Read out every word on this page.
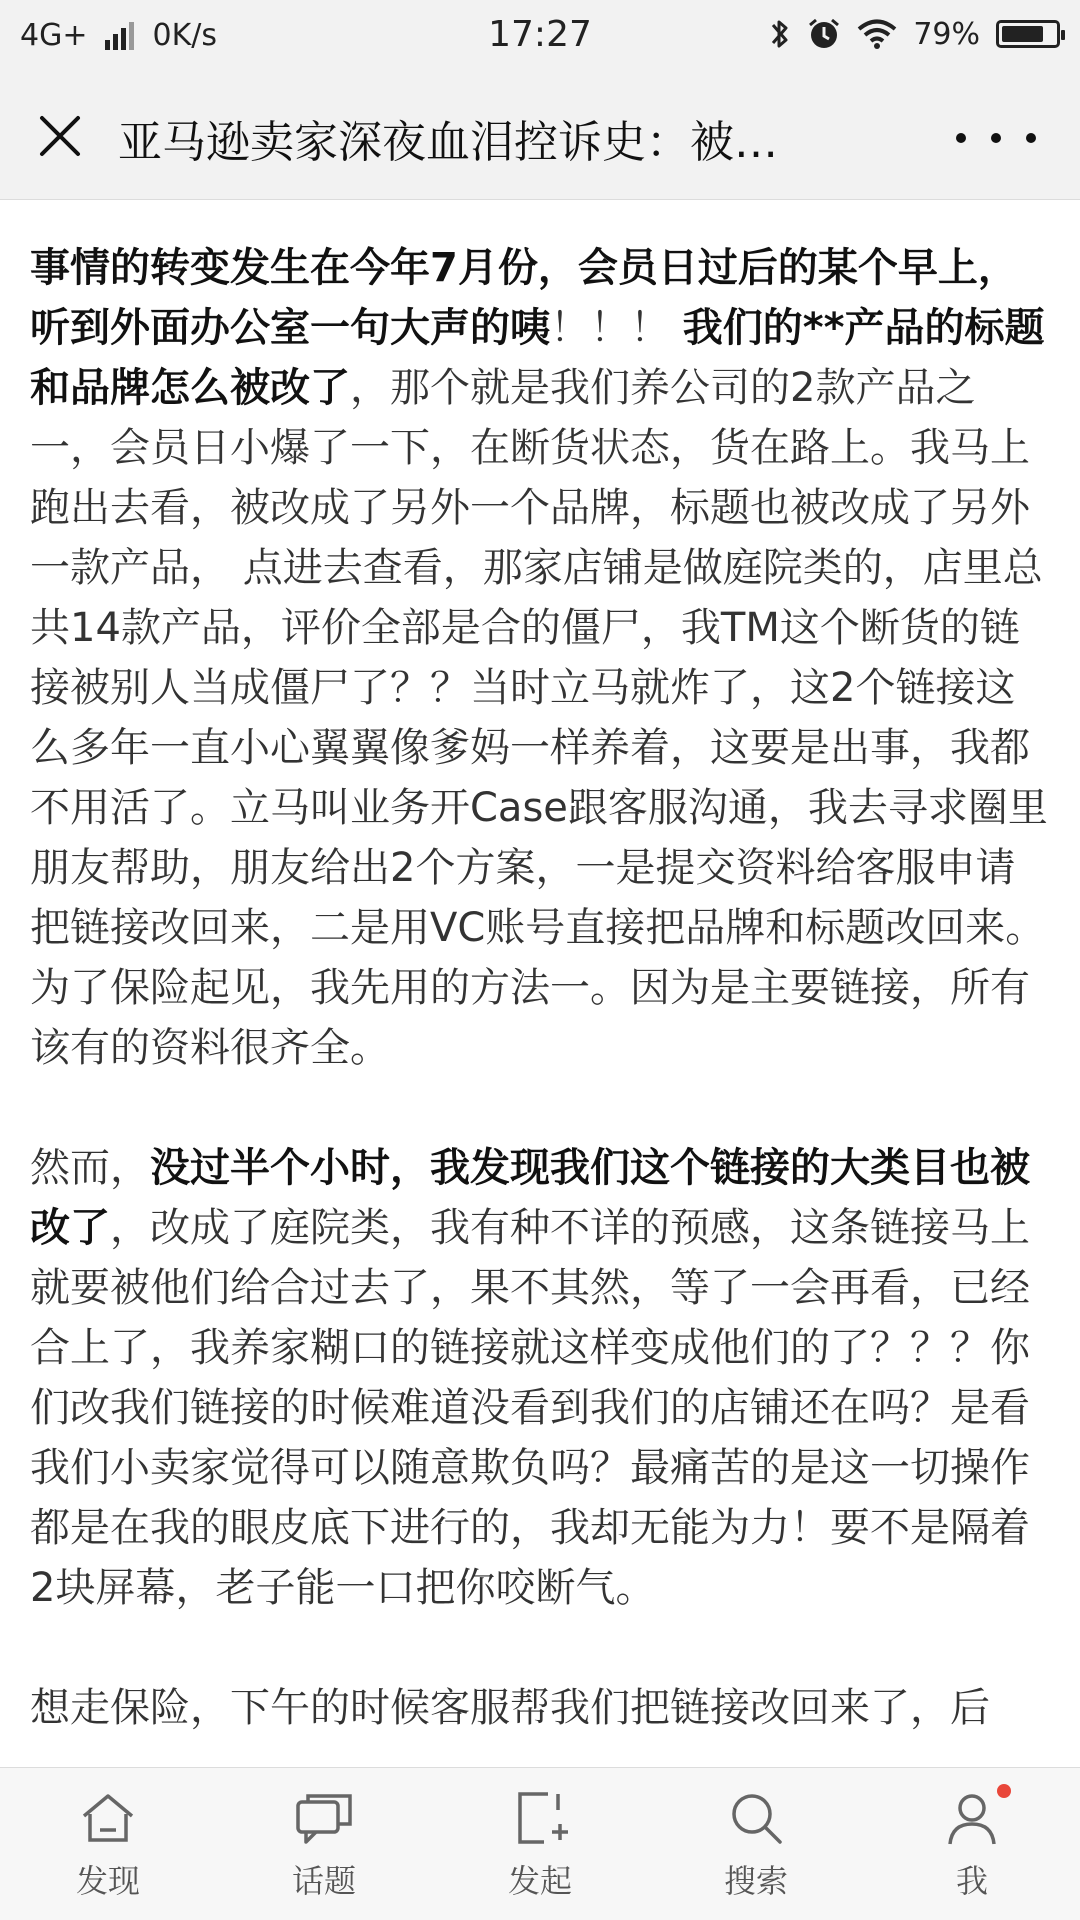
4G+ 0K/s	17:27	79%
亚马逊卖家深夜血泪控诉史：被…

事情的转变发生在今年7月份，会员日过后的某个早上，听到外面办公室一句大声的咦！！！ 我们的**产品的标题和品牌怎么被改了，那个就是我们养公司的2款产品之一，会员日小爆了一下，在断货状态，货在路上。我马上跑出去看，被改成了另外一个品牌，标题也被改成了另外一款产品， 点进去查看，那家店铺是做庭院类的，店里总共14款产品，评价全部是合的僵尸，我TM这个断货的链接被别人当成僵尸了？？当时立马就炸了，这2个链接这么多年一直小心翼翼像爹妈一样养着，这要是出事，我都不用活了。立马叫业务开Case跟客服沟通，我去寻求圈里朋友帮助，朋友给出2个方案，一是提交资料给客服申请把链接改回来，二是用VC账号直接把品牌和标题改回来。为了保险起见，我先用的方法一。因为是主要链接，所有该有的资料很齐全。

然而，没过半个小时，我发现我们这个链接的大类目也被改了，改成了庭院类，我有种不详的预感，这条链接马上就要被他们给合过去了，果不其然，等了一会再看，已经合上了，我养家糊口的链接就这样变成他们的了？？？你们改我们链接的时候难道没看到我们的店铺还在吗？是看我们小卖家觉得可以随意欺负吗？最痛苦的是这一切操作都是在我的眼皮底下进行的，我却无能为力！要不是隔着2块屏幕，老子能一口把你咬断气。

想走保险，下午的时候客服帮我们把链接改回来了，后

发现	话题	发起	搜索	我
